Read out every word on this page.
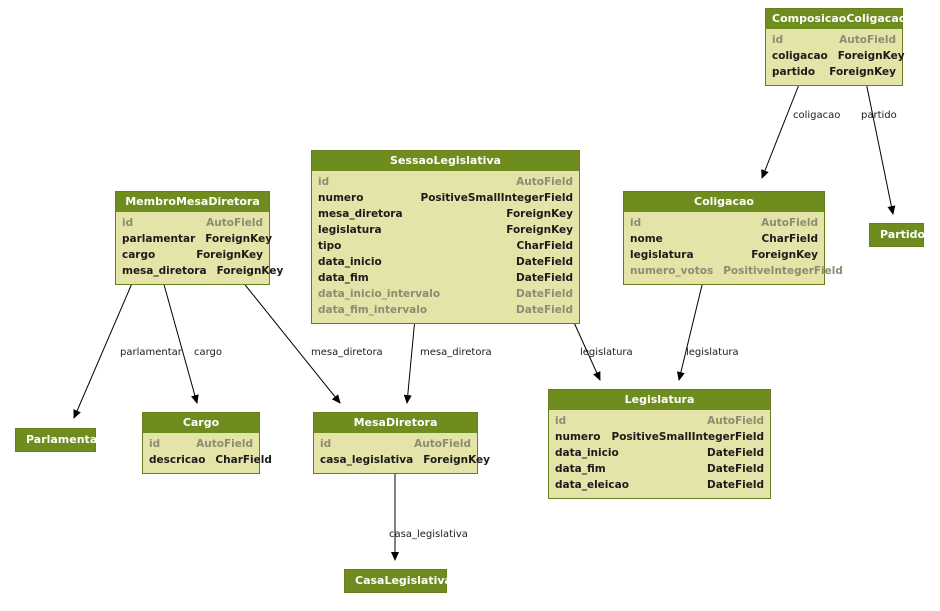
ComposicaoColigacao
id	AutoField
coligacao ForeignKey
partido	ForeignKey
SessaoLegislativa
id	AutoField
numero	PositiveSmallIntegerField
mesa_diretora	ForeignKey
legislatura	ForeignKey
tipo	CharField
data_inicio	DateField
data_fim	DateField
data_inicio_intervalo	DateField
data_fim_intervalo	DateField
MembroMesaDiretora
id	AutoField
parlamentar ForeignKey
cargo	ForeignKey
mesa_diretora ForeignKey
Coligacao
id	AutoField
nome	CharField
legislatura	ForeignKey
numero_votos PositiveIntegerField
Partido
Legislatura
id	AutoField
numero	PositiveSmallIntegerField
data_inicio	DateField
data_fim	DateField
data_eleicao	DateField
Cargo
id	AutoField
descricao CharField
MesaDiretora
id	AutoField
casa_legislativa ForeignKey
Parlamentar
CasaLegislativa
coligacao partido
legislatura	legislatura
parlamentar cargo	mesa_diretora	mesa_diretora
casa_legislativa
